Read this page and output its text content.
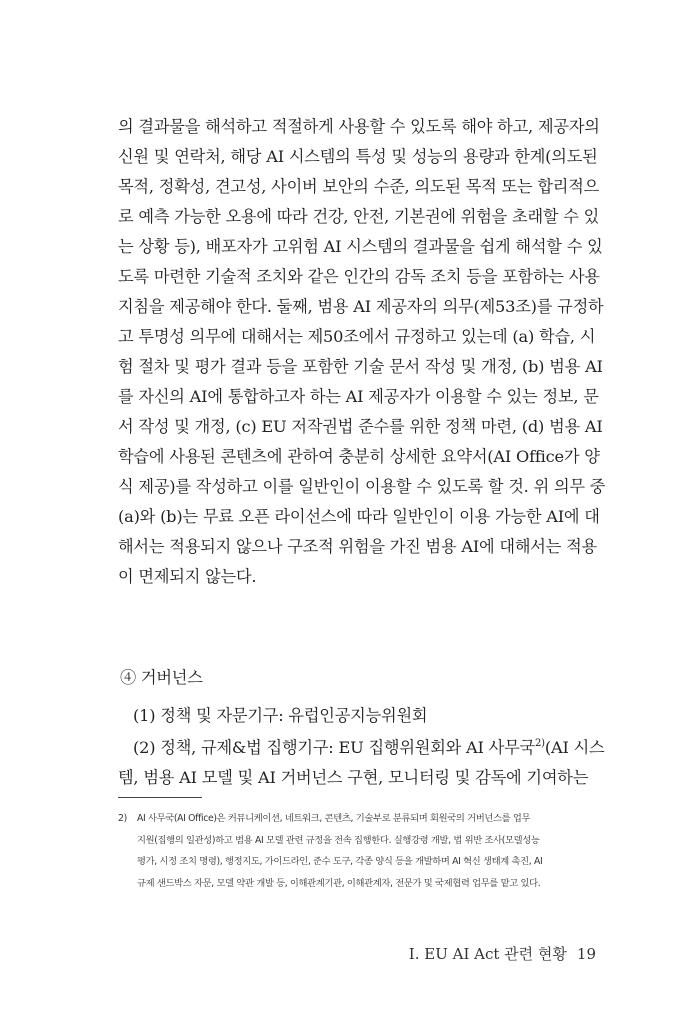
의 결과물을 해석하고 적절하게 사용할 수 있도록 해야 하고, 제공자의
신원 및 연락처, 해당 AI 시스템의 특성 및 성능의 용량과 한계(의도된
목적, 정확성, 견고성, 사이버 보안의 수준, 의도된 목적 또는 합리적으
로 예측 가능한 오용에 따라 건강, 안전, 기본권에 위험을 초래할 수 있
는 상황 등), 배포자가 고위험 AI 시스템의 결과물을 쉽게 해석할 수 있
도록 마련한 기술적 조치와 같은 인간의 감독 조치 등을 포함하는 사용
지침을 제공해야 한다. 둘째, 범용 AI 제공자의 의무(제53조)를 규정하
고 투명성 의무에 대해서는 제50조에서 규정하고 있는데 (a) 학습, 시
험 절차 및 평가 결과 등을 포함한 기술 문서 작성 및 개정, (b) 범용 AI
를 자신의 AI에 통합하고자 하는 AI 제공자가 이용할 수 있는 정보, 문
서 작성 및 개정, (c) EU 저작권법 준수를 위한 정책 마련, (d) 범용 AI
학습에 사용된 콘텐츠에 관하여 충분히 상세한 요약서(AI Office가 양
식 제공)를 작성하고 이를 일반인이 이용할 수 있도록 할 것. 위 의무 중
(a)와 (b)는 무료 오픈 라이선스에 따라 일반인이 이용 가능한 AI에 대
해서는 적용되지 않으나 구조적 위험을 가진 범용 AI에 대해서는 적용
이 면제되지 않는다.
④ 거버넌스
(1) 정책 및 자문기구: 유럽인공지능위원회
(2) 정책, 규제&법 집행기구: EU 집행위원회와 AI 사무국$^{2)}$(AI 시스
템, 범용 AI 모델 및 AI 거버넌스 구현, 모니터링 및 감독에 기여하는
2) AI 사무국(AI Office)은 커뮤니케이션, 네트워크, 콘텐츠, 기술부로 분류되며 회원국의 거버넌스를 업무
지원(집행의 일관성)하고 범용 AI 모델 관련 규정을 전속 집행한다. 실행강령 개발, 법 위반 조사(모델성능
평가, 시정 조치 명령), 행정지도, 가이드라인, 준수 도구, 각종 양식 등을 개발하며 AI 혁신 생태계 촉진, AI
규제 샌드박스 자문, 모델 약관 개발 등, 이해관계기관, 이해관계자, 전문가 및 국제협력 업무를 맡고 있다.
I. EU AI Act 관련 현황 19
